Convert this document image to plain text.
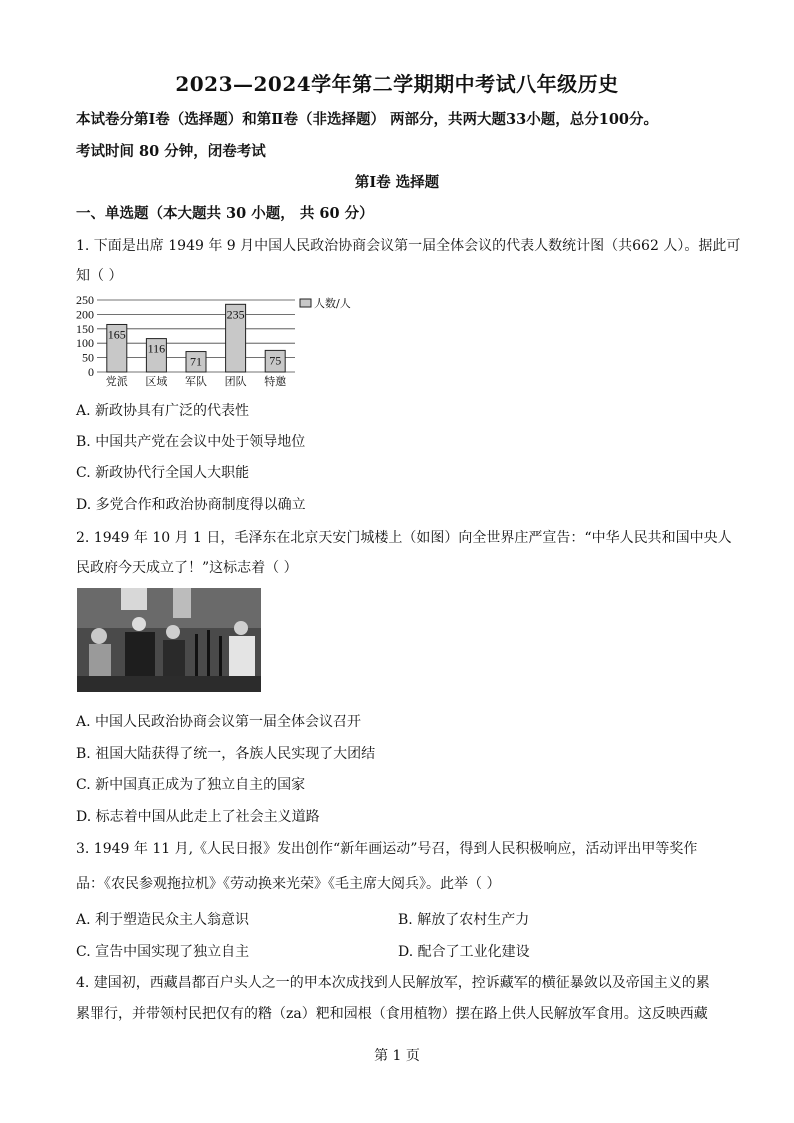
2023—2024学年第二学期期中考试八年级历史
本试卷分第Ⅰ卷（选择题）和第Ⅱ卷（非选择题） 两部分，共两大题33小题，总分100分。
考试时间 80 分钟，闭卷考试
第Ⅰ卷 选择题
一、单选题（本大题共 30 小题， 共 60 分）
1. 下面是出席 1949 年 9 月中国人民政治协商会议第一届全体会议的代表人数统计图（共662 人）。据此可
知（ ）
250
200
150
100
50
0
165
党派
116
区域
71
军队
235
团队
75
特邀
人数/人
A. 新政协具有广泛的代表性
B. 中国共产党在会议中处于领导地位
C. 新政协代行全国人大职能
D. 多党合作和政治协商制度得以确立
2. 1949 年 10 月 1 日，毛泽东在北京天安门城楼上（如图）向全世界庄严宣告：“中华人民共和国中央人
民政府今天成立了！”这标志着（ ）
A. 中国人民政治协商会议第一届全体会议召开
B. 祖国大陆获得了统一，各族人民实现了大团结
C. 新中国真正成为了独立自主的国家
D. 标志着中国从此走上了社会主义道路
3. 1949 年 11 月,《人民日报》发出创作“新年画运动”号召，得到人民积极响应，活动评出甲等奖作
品：《农民参观拖拉机》《劳动换来光荣》《毛主席大阅兵》。此举（ ）
A. 利于塑造民众主人翁意识	B. 解放了农村生产力
C. 宣告中国实现了独立自主	D. 配合了工业化建设
4. 建国初，西藏昌都百户头人之一的甲本次成找到人民解放军，控诉藏军的横征暴敛以及帝国主义的累
累罪行，并带领村民把仅有的糌（za）粑和园根（食用植物）摆在路上供人民解放军食用。这反映西藏
第 1 页
